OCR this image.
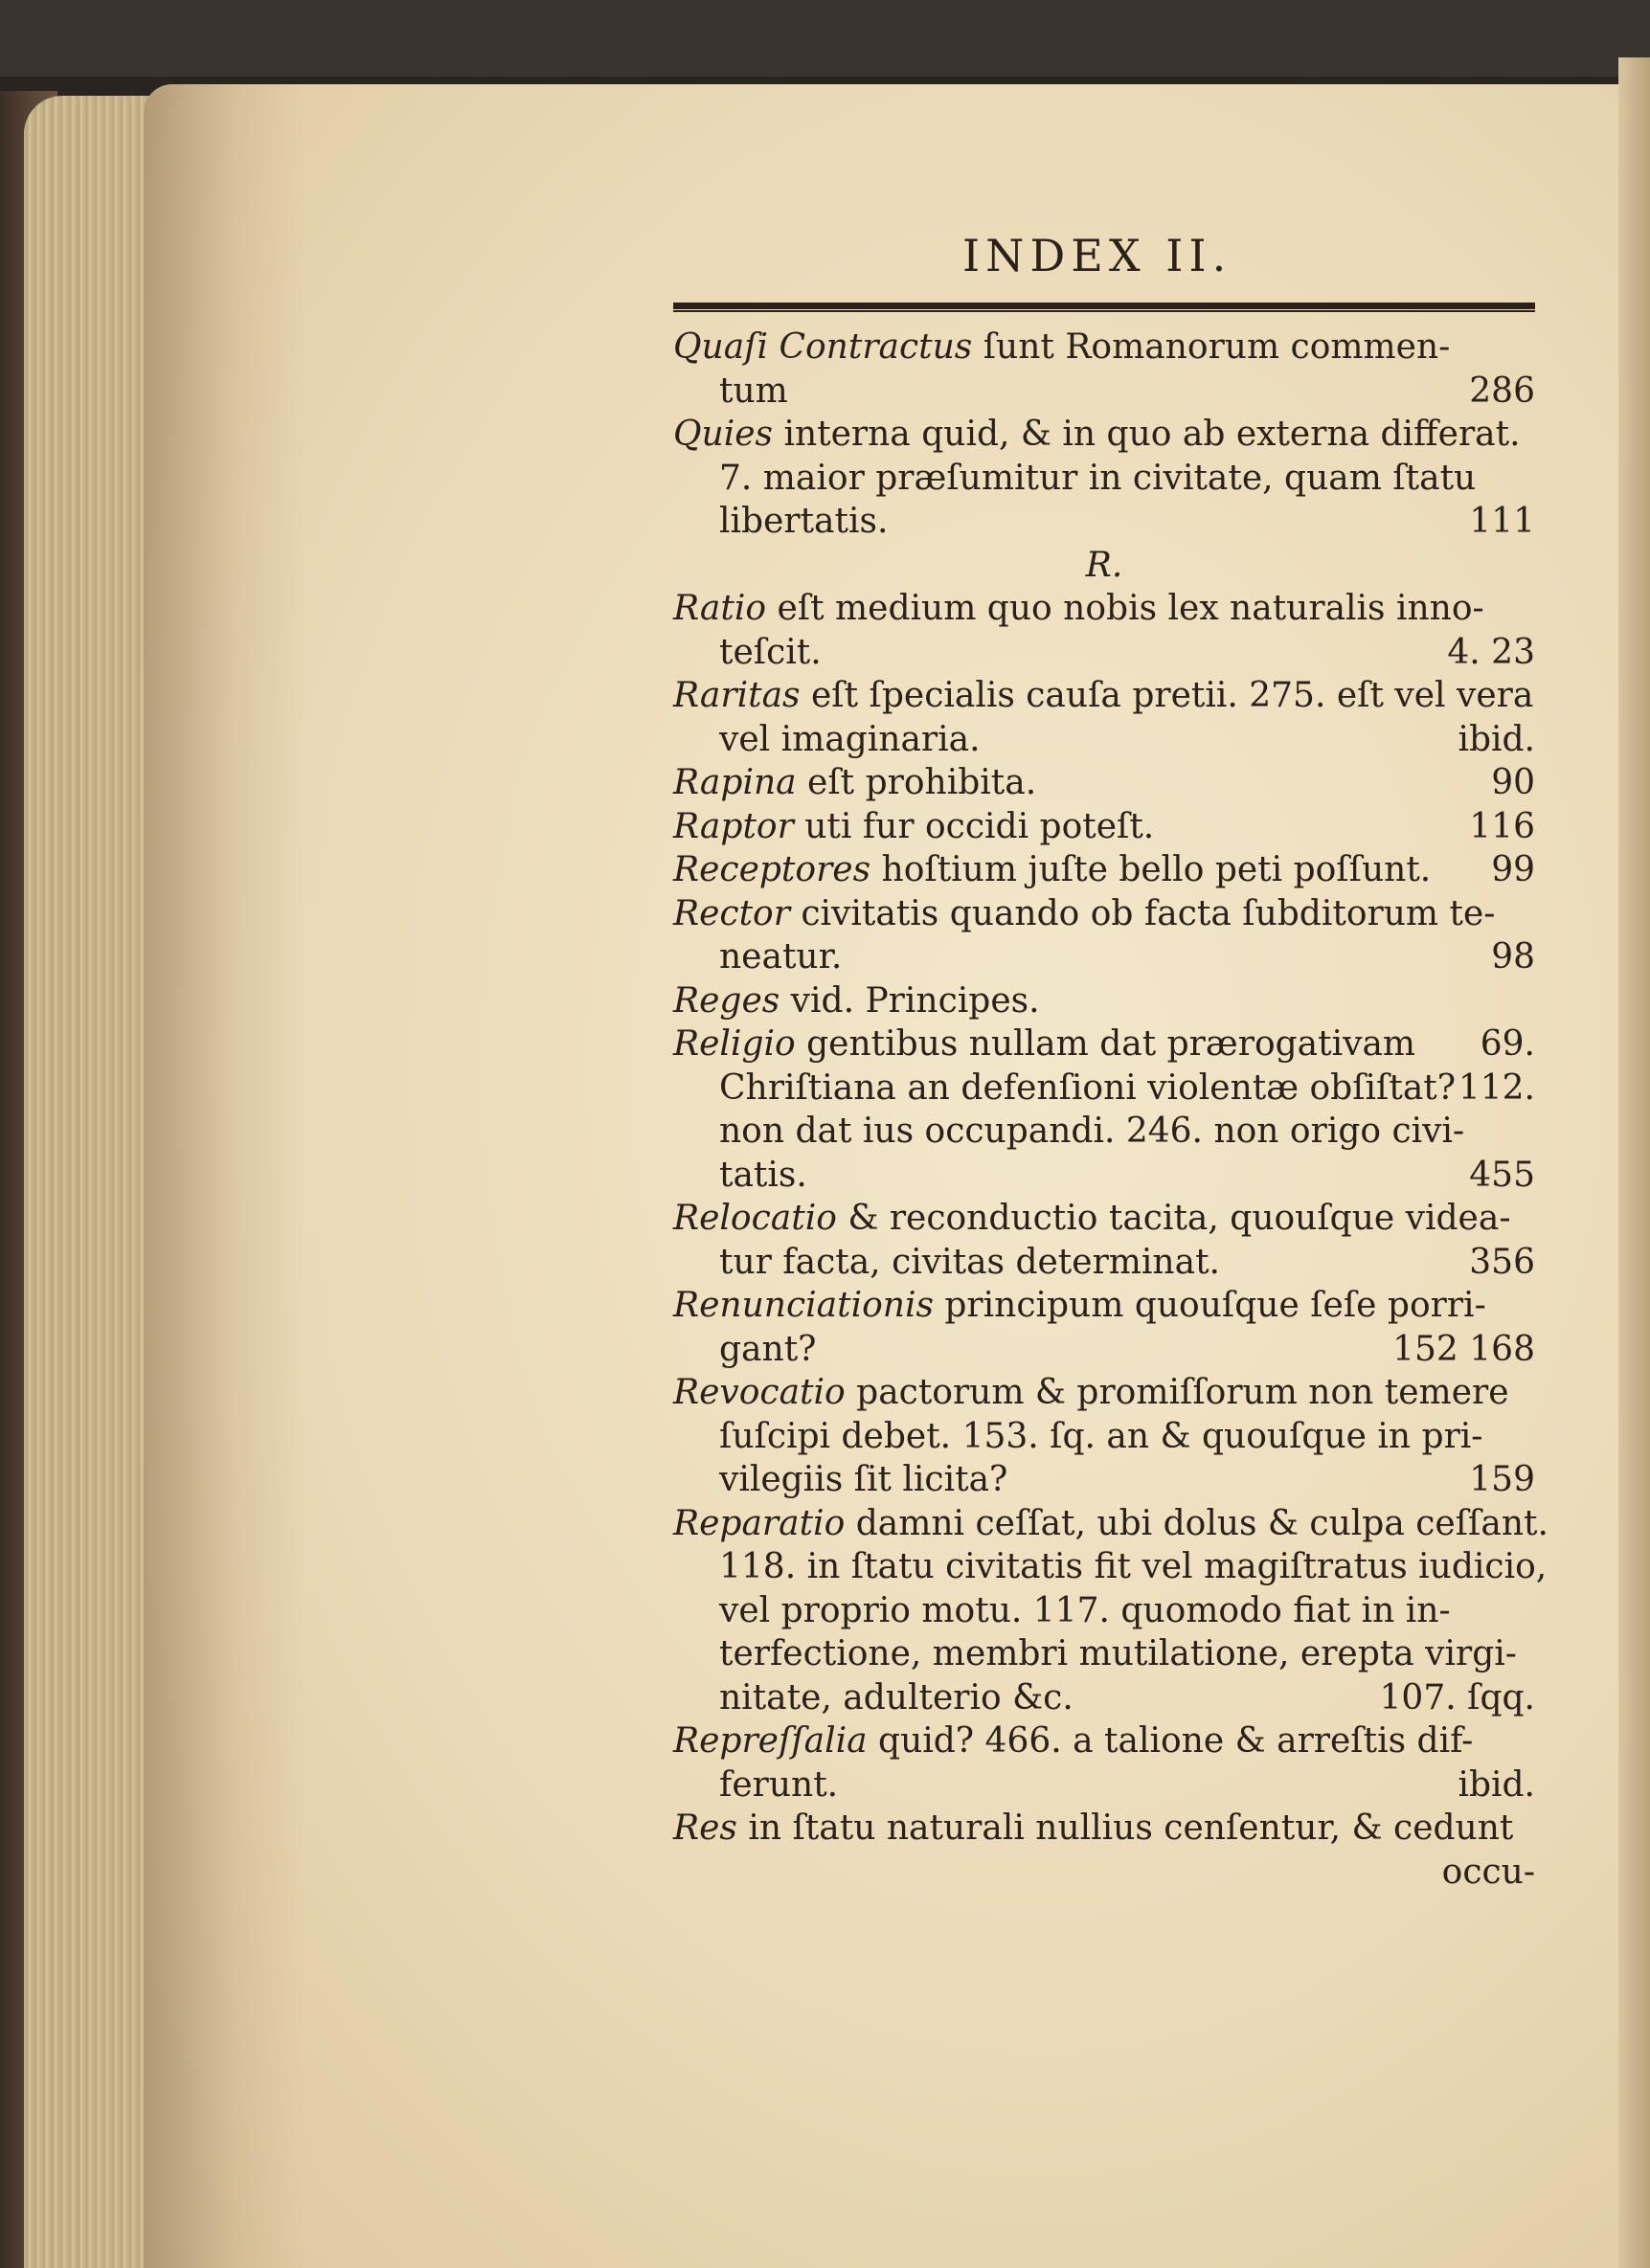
INDEX II.
Quaſi Contractus ſunt Romanorum commen-
tum	286
Quies interna quid, & in quo ab externa differat.
7. maior præſumitur in civitate, quam ſtatu
libertatis.	111
R.
Ratio eſt medium quo nobis lex naturalis inno-
teſcit.	4. 23
Raritas eſt ſpecialis cauſa pretii. 275. eſt vel vera
vel imaginaria.	ibid.
Rapina eſt prohibita.	90
Raptor uti fur occidi poteſt.	116
Receptores hoſtium juſte bello peti poſſunt. 99
Rector civitatis quando ob facta ſubditorum te-
neatur.	98
Reges vid. Principes.
Religio gentibus nullam dat prærogativam 69.
Chriſtiana an defenſioni violentæ obſiſtat? 112.
non dat ius occupandi. 246. non origo civi-
tatis.	455
Relocatio & reconductio tacita, quouſque videa-
tur facta, civitas determinat.	356
Renunciationis principum quouſque ſeſe porri-
gant?	152 168
Revocatio pactorum & promiſſorum non temere
ſuſcipi debet. 153. ſq. an & quouſque in pri-
vilegiis ſit licita?	159
Reparatio damni ceſſat, ubi dolus & culpa ceſſant.
118. in ſtatu civitatis fit vel magiſtratus iudicio,
vel proprio motu. 117. quomodo fiat in in-
terfectione, membri mutilatione, erepta virgi-
nitate, adulterio &c.	107. ſqq.
Repreſſalia quid? 466. a talione & arreſtis dif-
ferunt.	ibid.
Res in ſtatu naturali nullius cenſentur, & cedunt
occu-
